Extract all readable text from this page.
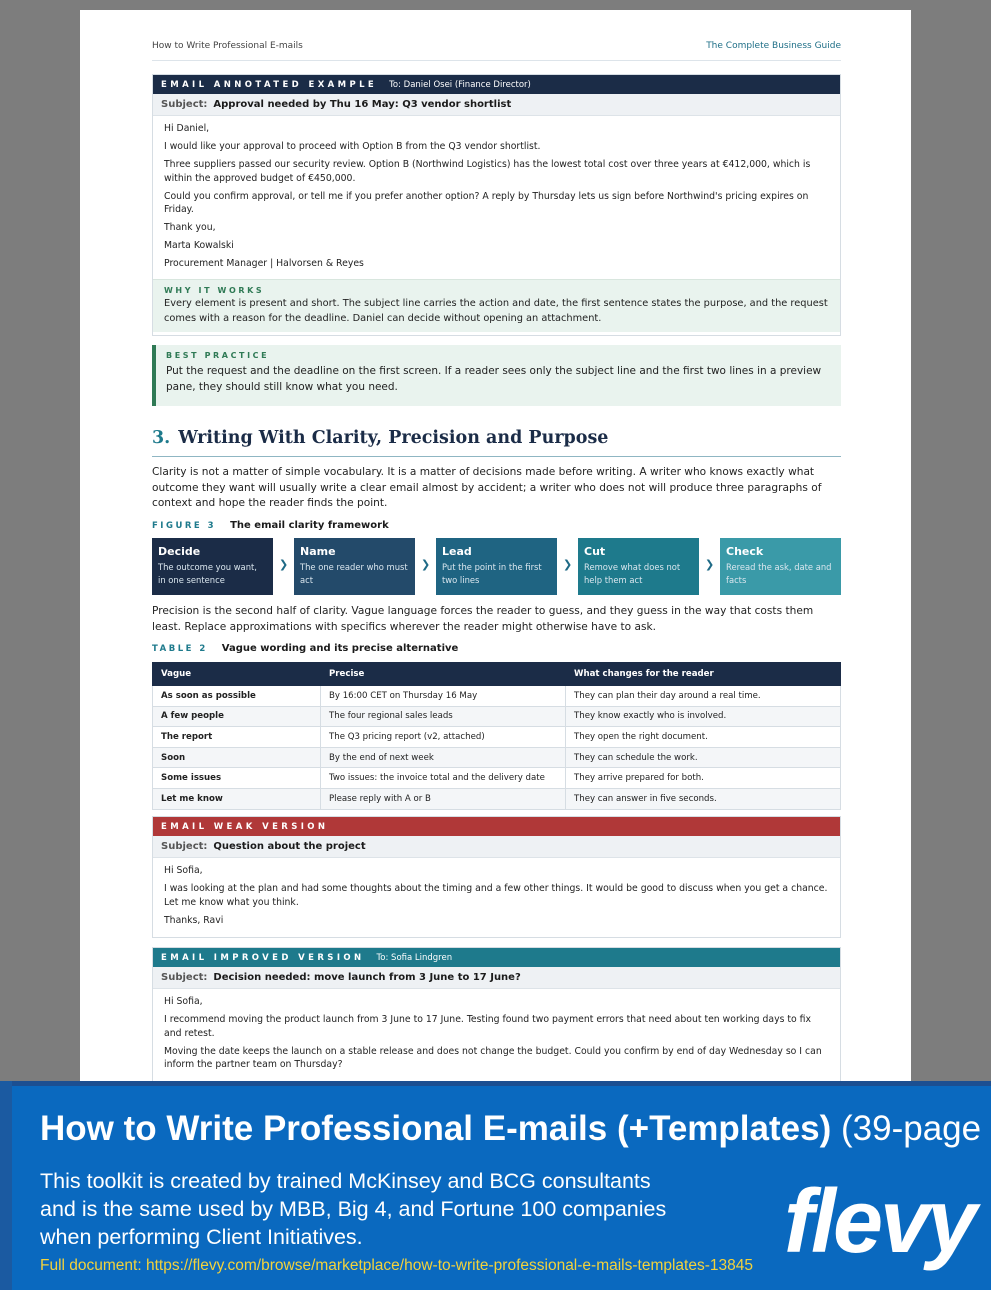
How to Write Professional E-mails	The Complete Business Guide
EMAIL ANNOTATED EXAMPLE To: Daniel Osei (Finance Director)
Subject: Approval needed by Thu 16 May: Q3 vendor shortlist

Hi Daniel,

I would like your approval to proceed with Option B from the Q3 vendor shortlist.

Three suppliers passed our security review. Option B (Northwind Logistics) has the lowest total cost over three years at €412,000, which is within the approved budget of €450,000.

Could you confirm approval, or tell me if you prefer another option? A reply by Thursday lets us sign before Northwind's pricing expires on Friday.

Thank you,

Marta Kowalski

Procurement Manager | Halvorsen & Reyes

WHY IT WORKS
Every element is present and short. The subject line carries the action and date, the first sentence states the purpose, and the request comes with a reason for the deadline. Daniel can decide without opening an attachment.
BEST PRACTICE
Put the request and the deadline on the first screen. If a reader sees only the subject line and the first two lines in a preview pane, they should still know what you need.
3. Writing With Clarity, Precision and Purpose
Clarity is not a matter of simple vocabulary. It is a matter of decisions made before writing. A writer who knows exactly what outcome they want will usually write a clear email almost by accident; a writer who does not will produce three paragraphs of context and hope the reader finds the point.
FIGURE 3 The email clarity framework
Decide
The outcome you want, in one sentence
❯
Name
The one reader who must act
❯
Lead
Put the point in the first two lines
❯
Cut
Remove what does not help them act
❯
Check
Reread the ask, date and facts
Precision is the second half of clarity. Vague language forces the reader to guess, and they guess in the way that costs them least. Replace approximations with specifics wherever the reader might otherwise have to ask.
TABLE 2 Vague wording and its precise alternative
Vague	Precise	What changes for the reader
As soon as possible	By 16:00 CET on Thursday 16 May	They can plan their day around a real time.
A few people	The four regional sales leads	They know exactly who is involved.
The report	The Q3 pricing report (v2, attached)	They open the right document.
Soon	By the end of next week	They can schedule the work.
Some issues	Two issues: the invoice total and the delivery date	They arrive prepared for both.
Let me know	Please reply with A or B	They can answer in five seconds.
EMAIL WEAK VERSION
Subject: Question about the project

Hi Sofia,

I was looking at the plan and had some thoughts about the timing and a few other things. It would be good to discuss when you get a chance. Let me know what you think.

Thanks, Ravi

EMAIL IMPROVED VERSION To: Sofia Lindgren
Subject: Decision needed: move launch from 3 June to 17 June?

Hi Sofia,

I recommend moving the product launch from 3 June to 17 June. Testing found two payment errors that need about ten working days to fix and retest.

Moving the date keeps the launch on a stable release and does not change the budget. Could you confirm by end of day Wednesday so I can inform the partner team on Thursday?

How to Write Professional E-mails (+Templates) (39-page
This toolkit is created by trained McKinsey and BCG consultants and is the same used by MBB, Big 4, and Fortune 100 companies when performing Client Initiatives.
Full document: https://flevy.com/browse/marketplace/how-to-write-professional-e-mails-templates-13845 flevy
